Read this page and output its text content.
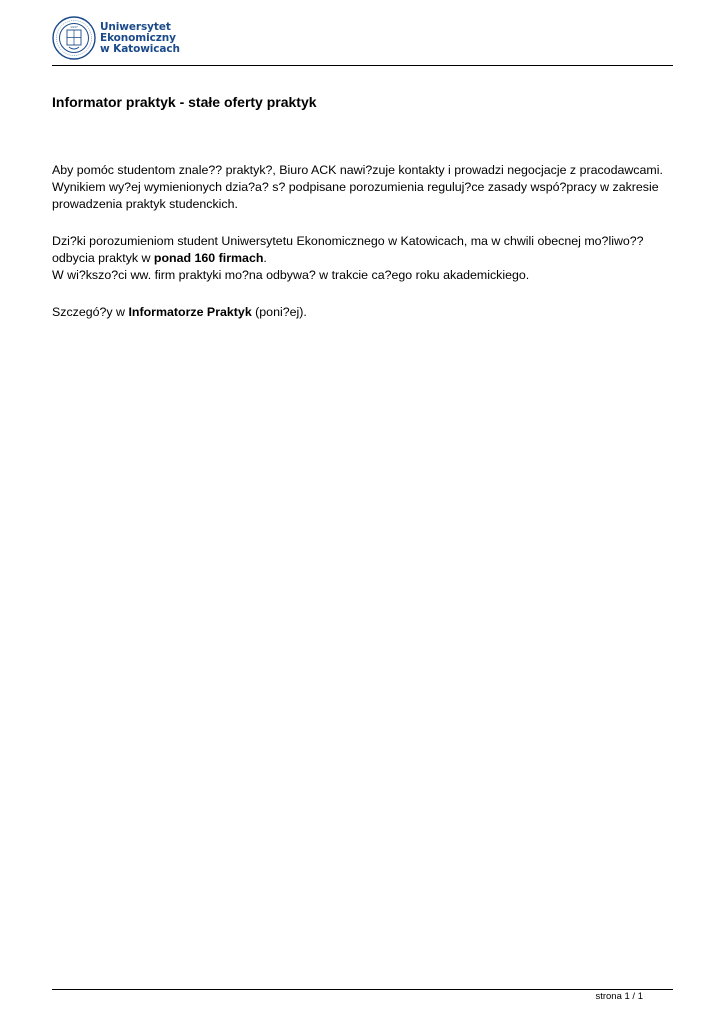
1937 Uniwersytet
Ekonomiczny
w Katowicach
Informator praktyk - stałe oferty praktyk

Aby pomóc studentom znale?? praktyk?, Biuro ACK nawi?zuje kontakty i prowadzi negocjacje z pracodawcami.
Wynikiem wy?ej wymienionych dzia?a? s? podpisane porozumienia reguluj?ce zasady wspó?pracy w zakresie
prowadzenia praktyk studenckich.

Dzi?ki porozumieniom student Uniwersytetu Ekonomicznego w Katowicach, ma w chwili obecnej mo?liwo??
odbycia praktyk w ponad 160 firmach.
W wi?kszo?ci ww. firm praktyki mo?na odbywa? w trakcie ca?ego roku akademickiego.

Szczegó?y w Informatorze Praktyk (poni?ej).

strona 1 / 1
